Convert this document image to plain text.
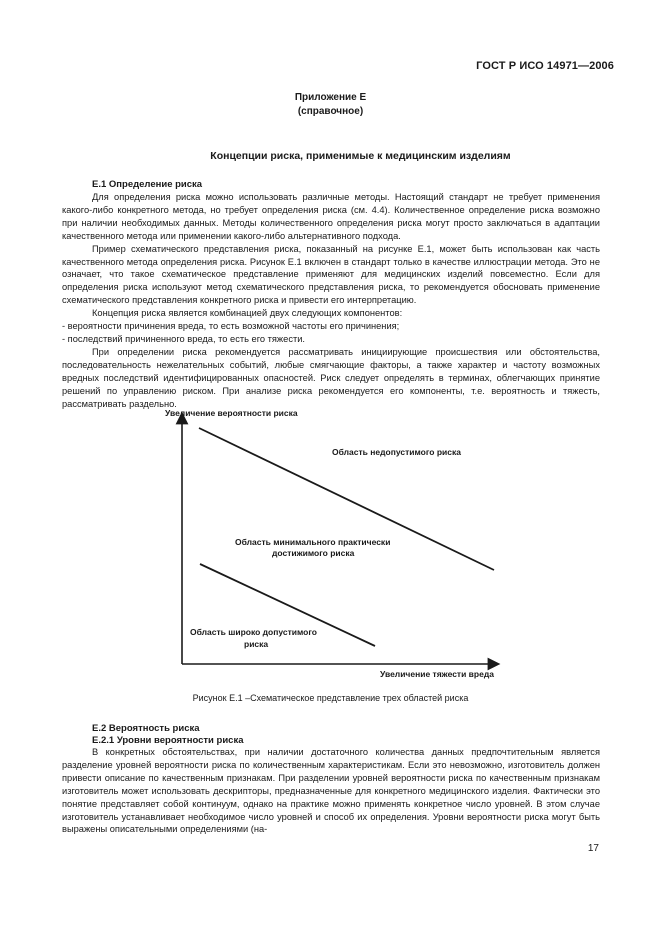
ГОСТ Р ИСО 14971—2006
Приложение Е
(справочное)
Концепции риска, применимые к медицинским изделиям
Е.1 Определение риска

Для определения риска можно использовать различные методы. Настоящий стандарт не требует применения какого-либо конкретного метода, но требует определения риска (см. 4.4). Количественное определение риска возможно при наличии необходимых данных. Методы количественного определения риска могут просто заключаться в адаптации качественного метода или применении какого-либо альтернативного подхода.

Пример схематического представления риска, показанный на рисунке Е.1, может быть использован как часть качественного метода определения риска. Рисунок Е.1 включен в стандарт только в качестве иллюстрации метода. Это не означает, что такое схематическое представление применяют для медицинских изделий повсеместно. Если для определения риска используют метод схематического представления риска, то рекомендуется обосновать применение схематического представления конкретного риска и привести его интерпретацию.

Концепция риска является комбинацией двух следующих компонентов:

- вероятности причинения вреда, то есть возможной частоты его причинения;

- последствий причиненного вреда, то есть его тяжести.

При определении риска рекомендуется рассматривать инициирующие происшествия или обстоятельства, последовательность нежелательных событий, любые смягчающие факторы, а также характер и частоту возможных вредных последствий идентифицированных опасностей. Риск следует определять в терминах, облегчающих принятие решений по управлению риском. При анализе риска рекомендуется его компоненты, т.е. вероятность и тяжесть, рассматривать раздельно.

Увеличение вероятности риска
Увеличение тяжести вреда
Область недопустимого риска
Область минимального практически
достижимого риска
Область широко допустимого
риска
Рисунок Е.1 –Схематическое представление трех областей риска
Е.2 Вероятность риска
Е.2.1 Уровни вероятности риска

В конкретных обстоятельствах, при наличии достаточного количества данных предпочтительным является разделение уровней вероятности риска по количественным характеристикам. Если это невозможно, изготовитель должен привести описание по качественным признакам. При разделении уровней вероятности риска по качественным признакам изготовитель может использовать дескрипторы, предназначенные для конкретного медицинского изделия. Фактически это понятие представляет собой континуум, однако на практике можно применять конкретное число уровней. В этом случае изготовитель устанавливает необходимое число уровней и способ их определения. Уровни вероятности риска могут быть выражены описательными определениями (на-

17
